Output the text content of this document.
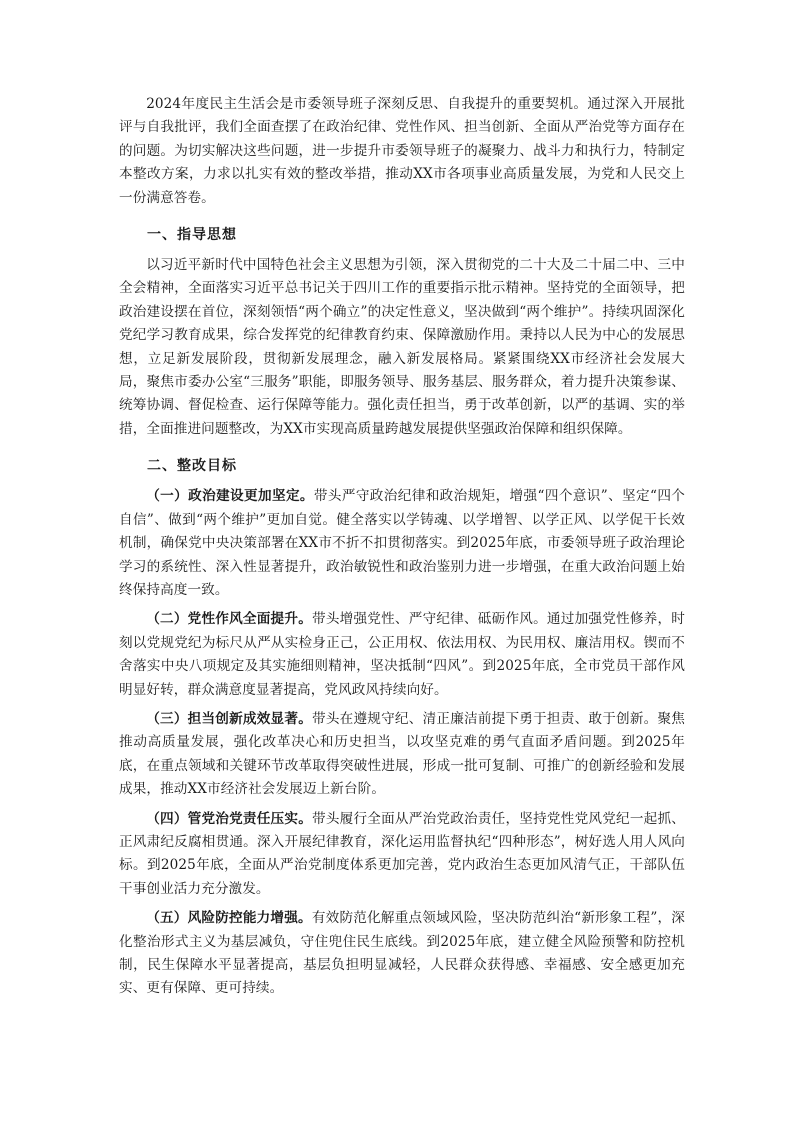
2024年度民主生活会是市委领导班子深刻反思、自我提升的重要契机。通过深入开展批评与自我批评，我们全面查摆了在政治纪律、党性作风、担当创新、全面从严治党等方面存在的问题。为切实解决这些问题，进一步提升市委领导班子的凝聚力、战斗力和执行力，特制定本整改方案，力求以扎实有效的整改举措，推动XX市各项事业高质量发展，为党和人民交上一份满意答卷。

一、指导思想

以习近平新时代中国特色社会主义思想为引领，深入贯彻党的二十大及二十届二中、三中全会精神，全面落实习近平总书记关于四川工作的重要指示批示精神。坚持党的全面领导，把政治建设摆在首位，深刻领悟“两个确立”的决定性意义，坚决做到“两个维护”。持续巩固深化党纪学习教育成果，综合发挥党的纪律教育约束、保障激励作用。秉持以人民为中心的发展思想，立足新发展阶段，贯彻新发展理念，融入新发展格局。紧紧围绕XX市经济社会发展大局，聚焦市委办公室“三服务”职能，即服务领导、服务基层、服务群众，着力提升决策参谋、统筹协调、督促检查、运行保障等能力。强化责任担当，勇于改革创新，以严的基调、实的举措，全面推进问题整改，为XX市实现高质量跨越发展提供坚强政治保障和组织保障。

二、整改目标

（一）政治建设更加坚定。带头严守政治纪律和政治规矩，增强“四个意识”、坚定“四个自信”、做到“两个维护”更加自觉。健全落实以学铸魂、以学增智、以学正风、以学促干长效机制，确保党中央决策部署在XX市不折不扣贯彻落实。到2025年底，市委领导班子政治理论学习的系统性、深入性显著提升，政治敏锐性和政治鉴别力进一步增强，在重大政治问题上始终保持高度一致。

（二）党性作风全面提升。带头增强党性、严守纪律、砥砺作风。通过加强党性修养，时刻以党规党纪为标尺从严从实检身正己，公正用权、依法用权、为民用权、廉洁用权。锲而不舍落实中央八项规定及其实施细则精神，坚决抵制“四风”。到2025年底，全市党员干部作风明显好转，群众满意度显著提高，党风政风持续向好。

（三）担当创新成效显著。带头在遵规守纪、清正廉洁前提下勇于担责、敢于创新。聚焦推动高质量发展，强化改革决心和历史担当，以攻坚克难的勇气直面矛盾问题。到2025年底，在重点领域和关键环节改革取得突破性进展，形成一批可复制、可推广的创新经验和发展成果，推动XX市经济社会发展迈上新台阶。

（四）管党治党责任压实。带头履行全面从严治党政治责任，坚持党性党风党纪一起抓、正风肃纪反腐相贯通。深入开展纪律教育，深化运用监督执纪“四种形态”，树好选人用人风向标。到2025年底，全面从严治党制度体系更加完善，党内政治生态更加风清气正，干部队伍干事创业活力充分激发。

（五）风险防控能力增强。有效防范化解重点领域风险，坚决防范纠治“新形象工程”，深化整治形式主义为基层减负，守住兜住民生底线。到2025年底，建立健全风险预警和防控机制，民生保障水平显著提高，基层负担明显减轻，人民群众获得感、幸福感、安全感更加充实、更有保障、更可持续。
